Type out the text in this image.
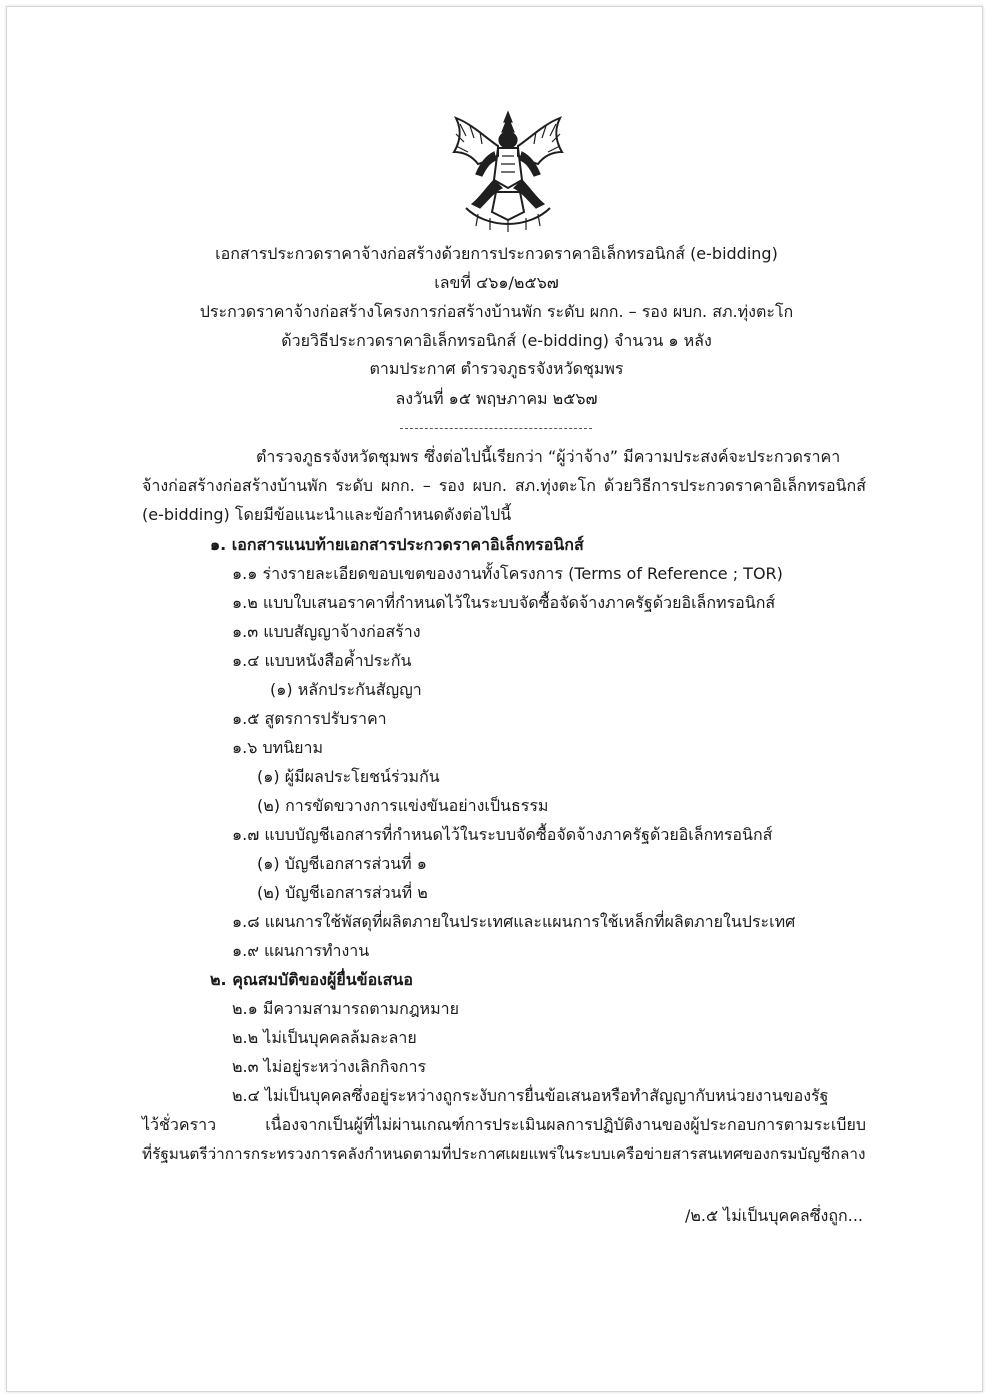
เอกสารประกวดราคาจ้างก่อสร้างด้วยการประกวดราคาอิเล็กทรอนิกส์ (e-bidding)
เลขที่ ๔๖๑/๒๕๖๗
ประกวดราคาจ้างก่อสร้างโครงการก่อสร้างบ้านพัก ระดับ ผกก. – รอง ผบก. สภ.ทุ่งตะโก
ด้วยวิธีประกวดราคาอิเล็กทรอนิกส์ (e-bidding) จำนวน ๑ หลัง
ตามประกาศ ตำรวจภูธรจังหวัดชุมพร
ลงวันที่ ๑๕ พฤษภาคม ๒๕๖๗
ตำรวจภูธรจังหวัดชุมพร ซึ่งต่อไปนี้เรียกว่า “ผู้ว่าจ้าง” มีความประสงค์จะประกวดราคา
จ้างก่อสร้างก่อสร้างบ้านพัก ระดับ ผกก. – รอง ผบก. สภ.ทุ่งตะโก ด้วยวิธีการประกวดราคาอิเล็กทรอนิกส์
(e-bidding) โดยมีข้อแนะนำและข้อกำหนดดังต่อไปนี้
๑. เอกสารแนบท้ายเอกสารประกวดราคาอิเล็กทรอนิกส์
๑.๑ ร่างรายละเอียดขอบเขตของงานทั้งโครงการ (Terms of Reference ; TOR)
๑.๒ แบบใบเสนอราคาที่กำหนดไว้ในระบบจัดซื้อจัดจ้างภาครัฐด้วยอิเล็กทรอนิกส์
๑.๓ แบบสัญญาจ้างก่อสร้าง
๑.๔ แบบหนังสือค้ำประกัน
(๑) หลักประกันสัญญา
๑.๕ สูตรการปรับราคา
๑.๖ บทนิยาม
(๑) ผู้มีผลประโยชน์ร่วมกัน
(๒) การขัดขวางการแข่งขันอย่างเป็นธรรม
๑.๗ แบบบัญชีเอกสารที่กำหนดไว้ในระบบจัดซื้อจัดจ้างภาครัฐด้วยอิเล็กทรอนิกส์
(๑) บัญชีเอกสารส่วนที่ ๑
(๒) บัญชีเอกสารส่วนที่ ๒
๑.๘ แผนการใช้พัสดุที่ผลิตภายในประเทศและแผนการใช้เหล็กที่ผลิตภายในประเทศ
๑.๙ แผนการทำงาน
๒. คุณสมบัติของผู้ยื่นข้อเสนอ
๒.๑ มีความสามารถตามกฎหมาย
๒.๒ ไม่เป็นบุคคลล้มละลาย
๒.๓ ไม่อยู่ระหว่างเลิกกิจการ
๒.๔ ไม่เป็นบุคคลซึ่งอยู่ระหว่างถูกระงับการยื่นข้อเสนอหรือทำสัญญากับหน่วยงานของรัฐ
ไว้ชั่วคราว เนื่องจากเป็นผู้ที่ไม่ผ่านเกณฑ์การประเมินผลการปฏิบัติงานของผู้ประกอบการตามระเบียบ
ที่รัฐมนตรีว่าการกระทรวงการคลังกำหนดตามที่ประกาศเผยแพร่ในระบบเครือข่ายสารสนเทศของกรมบัญชีกลาง
/๒.๕ ไม่เป็นบุคคลซึ่งถูก...
